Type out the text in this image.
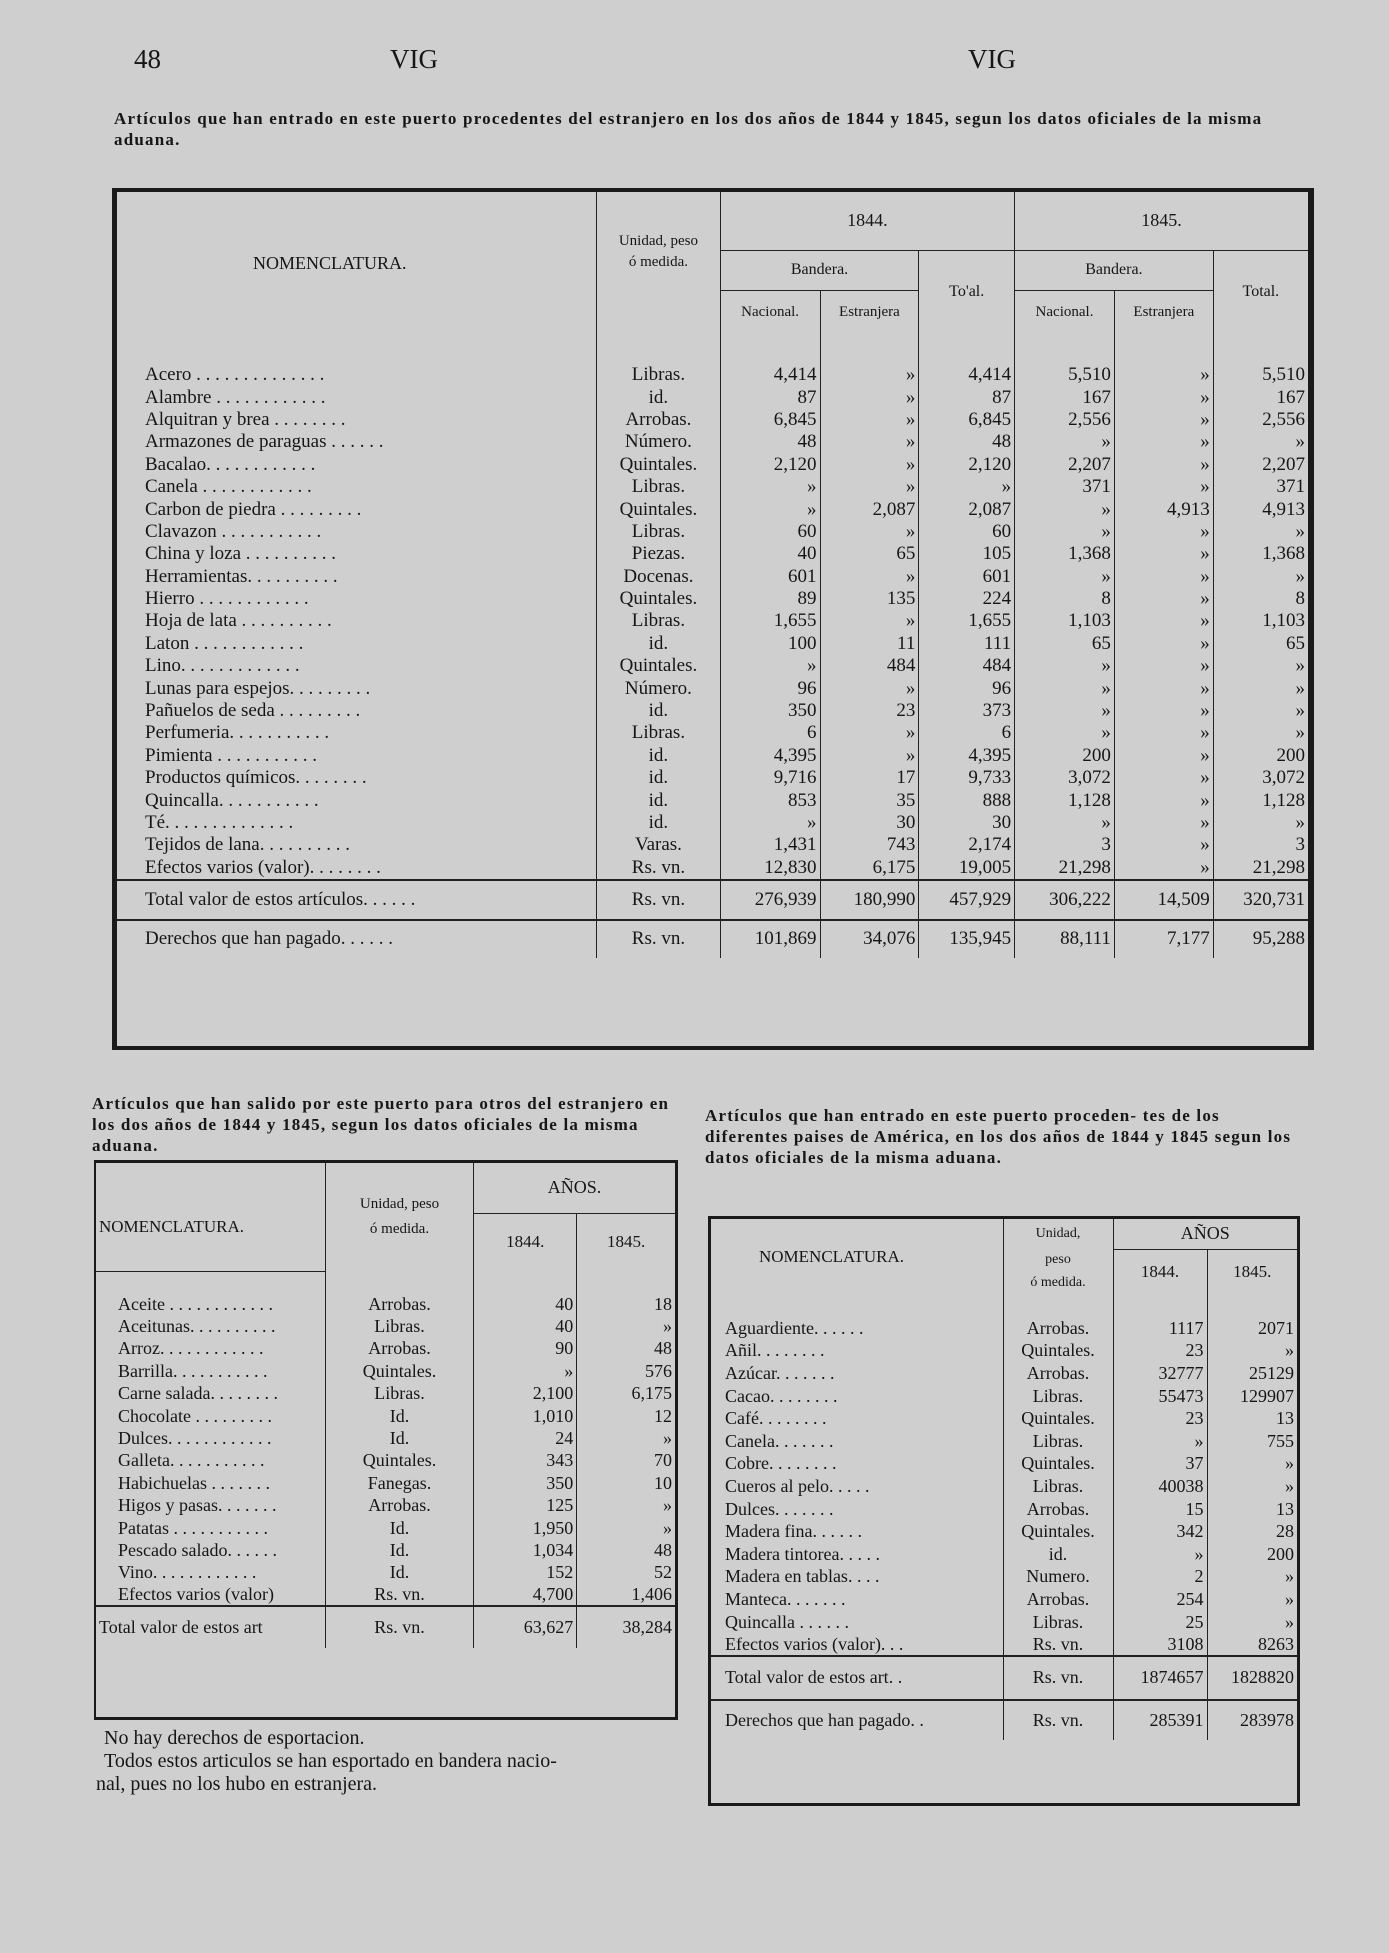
48	VIG	VIG
Artículos que han entrado en este puerto procedentes del estranjero en los dos años de 1844 y 1845, segun los datos oficiales de la misma aduana.
NOMENCLATURA.	Unidad, peso	1844.			1845.		
	ó medida.	Bandera.		To'al.	Bandera.		Total.
		Nacional.	Estranjera		Nacional.	Estranjera	

Acero . . . . . . . . . . . . . .	Libras.	4,414	»	4,414	5,510	»	5,510
Alambre . . . . . . . . . . . .	id.	87	»	87	167	»	167
Alquitran y brea . . . . . . . .	Arrobas.	6,845	»	6,845	2,556	»	2,556
Armazones de paraguas . . . . . .	Número.	48	»	48	»	»	»
Bacalao. . . . . . . . . . . .	Quintales.	2,120	»	2,120	2,207	»	2,207
Canela . . . . . . . . . . . .	Libras.	»	»	»	371	»	371
Carbon de piedra . . . . . . . . .	Quintales.	»	2,087	2,087	»	4,913	4,913
Clavazon . . . . . . . . . . .	Libras.	60	»	60	»	»	»
China y loza . . . . . . . . . .	Piezas.	40	65	105	1,368	»	1,368
Herramientas. . . . . . . . . .	Docenas.	601	»	601	»	»	»
Hierro . . . . . . . . . . . .	Quintales.	89	135	224	8	»	8
Hoja de lata . . . . . . . . . .	Libras.	1,655	»	1,655	1,103	»	1,103
Laton . . . . . . . . . . . .	id.	100	11	111	65	»	65
Lino. . . . . . . . . . . . .	Quintales.	»	484	484	»	»	»
Lunas para espejos. . . . . . . . .	Número.	96	»	96	»	»	»
Pañuelos de seda . . . . . . . . .	id.	350	23	373	»	»	»
Perfumeria. . . . . . . . . . .	Libras.	6	»	6	»	»	»
Pimienta . . . . . . . . . . .	id.	4,395	»	4,395	200	»	200
Productos químicos. . . . . . . .	id.	9,716	17	9,733	3,072	»	3,072
Quincalla. . . . . . . . . . .	id.	853	35	888	1,128	»	1,128
Té. . . . . . . . . . . . . .	id.	»	30	30	»	»	»
Tejidos de lana. . . . . . . . . .	Varas.	1,431	743	2,174	3	»	3
Efectos varios (valor). . . . . . . .	Rs. vn.	12,830	6,175	19,005	21,298	»	21,298
Total valor de estos artículos. . . . . .	Rs. vn.	276,939	180,990	457,929	306,222	14,509	320,731
Derechos que han pagado. . . . . .	Rs. vn.	101,869	34,076	135,945	88,111	7,177	95,288
Artículos que han salido por este puerto para otros del estranjero en los dos años de 1844 y 1845, segun los datos oficiales de la misma aduana.
NOMENCLATURA.	Unidad, peso	AÑOS.	
	ó medida.	1844.	1845.

Aceite . . . . . . . . . . . .	Arrobas.	40	18
Aceitunas. . . . . . . . . .	Libras.	40	»
Arroz. . . . . . . . . . . .	Arrobas.	90	48
Barrilla. . . . . . . . . . .	Quintales.	»	576
Carne salada. . . . . . . .	Libras.	2,100	6,175
Chocolate . . . . . . . . .	Id.	1,010	12
Dulces. . . . . . . . . . . .	Id.	24	»
Galleta. . . . . . . . . . .	Quintales.	343	70
Habichuelas . . . . . . .	Fanegas.	350	10
Higos y pasas. . . . . . .	Arrobas.	125	»
Patatas . . . . . . . . . . .	Id.	1,950	»
Pescado salado. . . . . .	Id.	1,034	48
Vino. . . . . . . . . . . .	Id.	152	52
Efectos varios (valor)	Rs. vn.	4,700	1,406
Total valor de estos art	Rs. vn.	63,627	38,284
No hay derechos de esportacion.
Todos estos articulos se han esportado en bandera nacio-
nal, pues no los hubo en estranjera.
Artículos que han entrado en este puerto proceden- tes de los diferentes paises de América, en los dos años de 1844 y 1845 segun los datos oficiales de la misma aduana.
NOMENCLATURA.	Unidad,	AÑOS	
	peso	1844.	1845.
	ó medida.		

Aguardiente. . . . . .	Arrobas.	1117	2071
Añil. . . . . . . .	Quintales.	23	»
Azúcar. . . . . . .	Arrobas.	32777	25129
Cacao. . . . . . . .	Libras.	55473	129907
Café. . . . . . . .	Quintales.	23	13
Canela. . . . . . .	Libras.	»	755
Cobre. . . . . . . .	Quintales.	37	»
Cueros al pelo. . . . .	Libras.	40038	»
Dulces. . . . . . .	Arrobas.	15	13
Madera fina. . . . . .	Quintales.	342	28
Madera tintorea. . . . .	id.	»	200
Madera en tablas. . . .	Numero.	2	»
Manteca. . . . . . .	Arrobas.	254	»
Quincalla . . . . . .	Libras.	25	»
Efectos varios (valor). . .	Rs. vn.	3108	8263
Total valor de estos art. .	Rs. vn.	1874657	1828820
Derechos que han pagado. .	Rs. vn.	285391	283978
